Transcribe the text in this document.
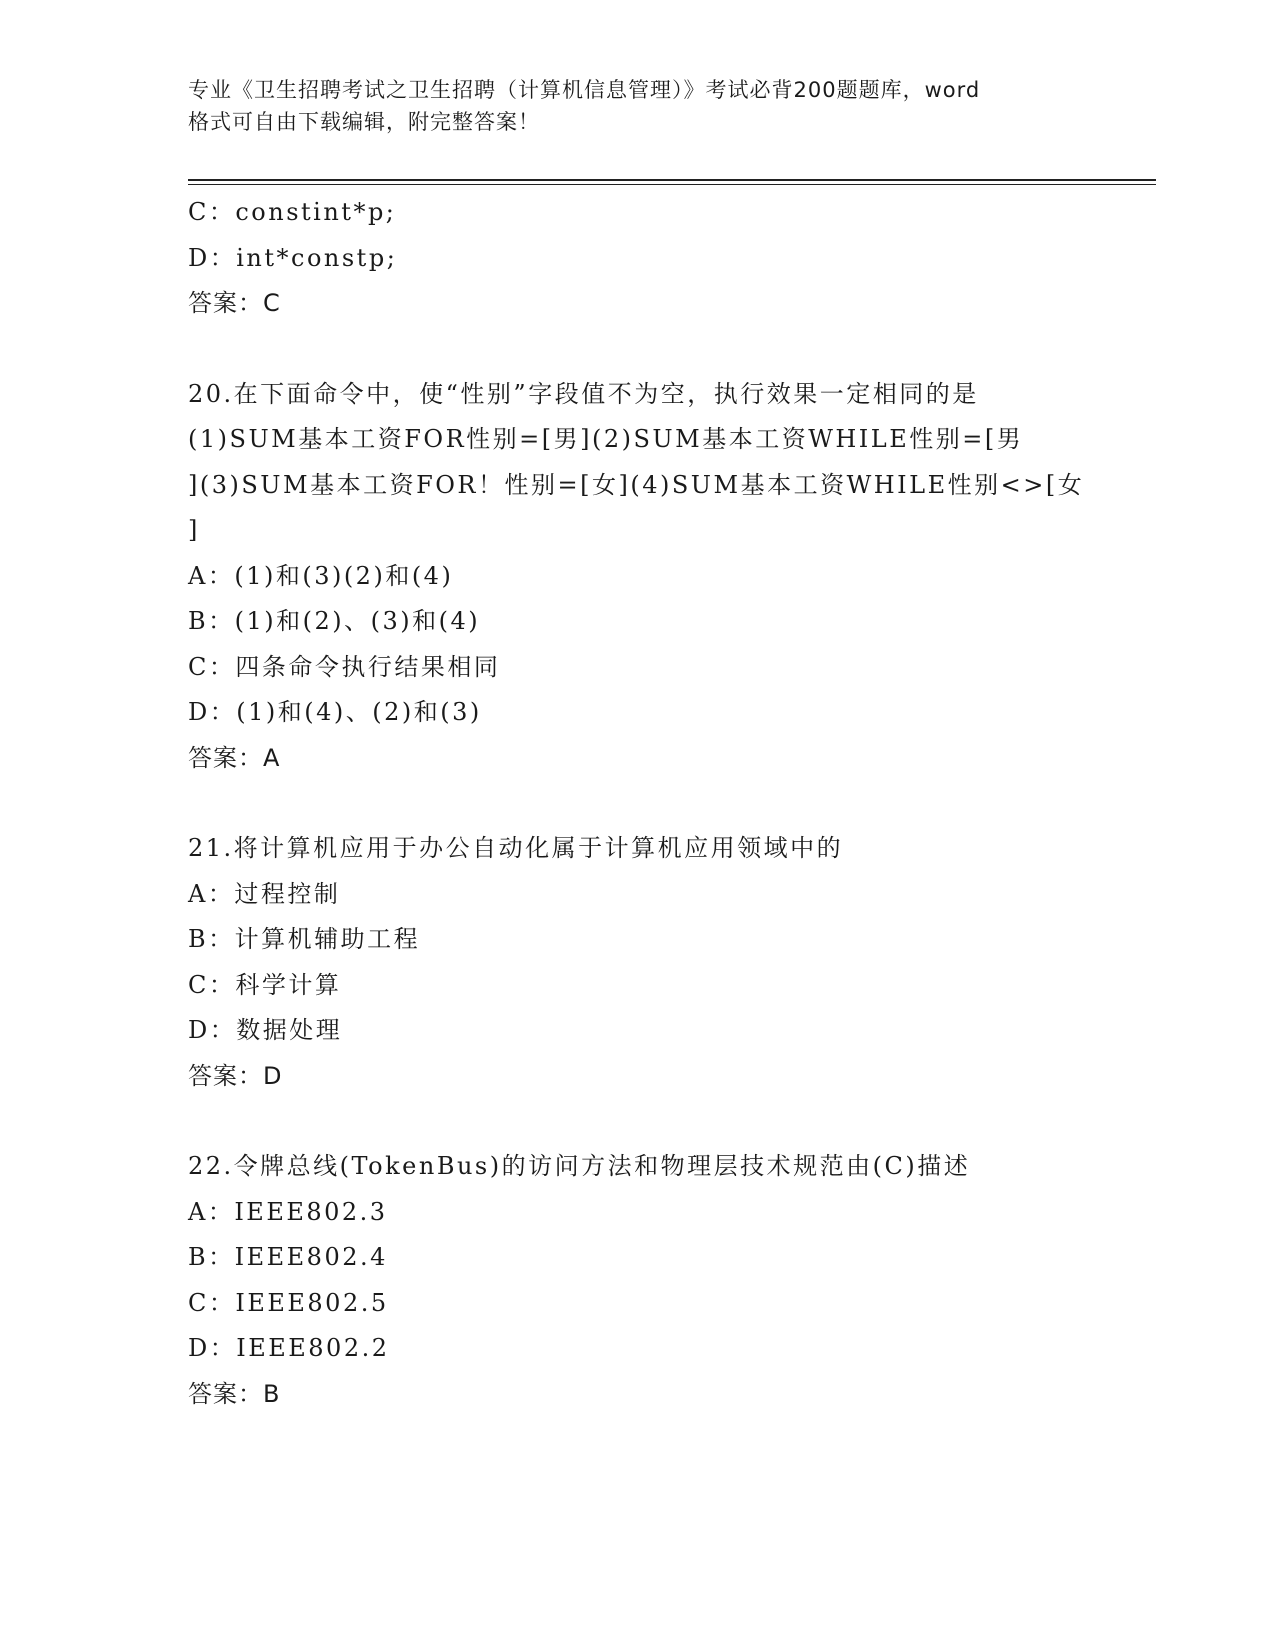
专业《卫生招聘考试之卫生招聘（计算机信息管理）》考试必背200题题库，word
格式可自由下载编辑，附完整答案！
C：constint*p;
D：int*constp;
答案：C
20.在下面命令中，使“性别”字段值不为空，执行效果一定相同的是
(1)SUM基本工资FOR性别=[男](2)SUM基本工资WHILE性别=[男
](3)SUM基本工资FOR！性别=[女](4)SUM基本工资WHILE性别<>[女
]
A：(1)和(3)(2)和(4)
B：(1)和(2)、(3)和(4)
C：四条命令执行结果相同
D：(1)和(4)、(2)和(3)
答案：A
21.将计算机应用于办公自动化属于计算机应用领域中的
A：过程控制
B：计算机辅助工程
C：科学计算
D：数据处理
答案：D
22.令牌总线(TokenBus)的访问方法和物理层技术规范由(C)描述
A：IEEE802.3
B：IEEE802.4
C：IEEE802.5
D：IEEE802.2
答案：B
